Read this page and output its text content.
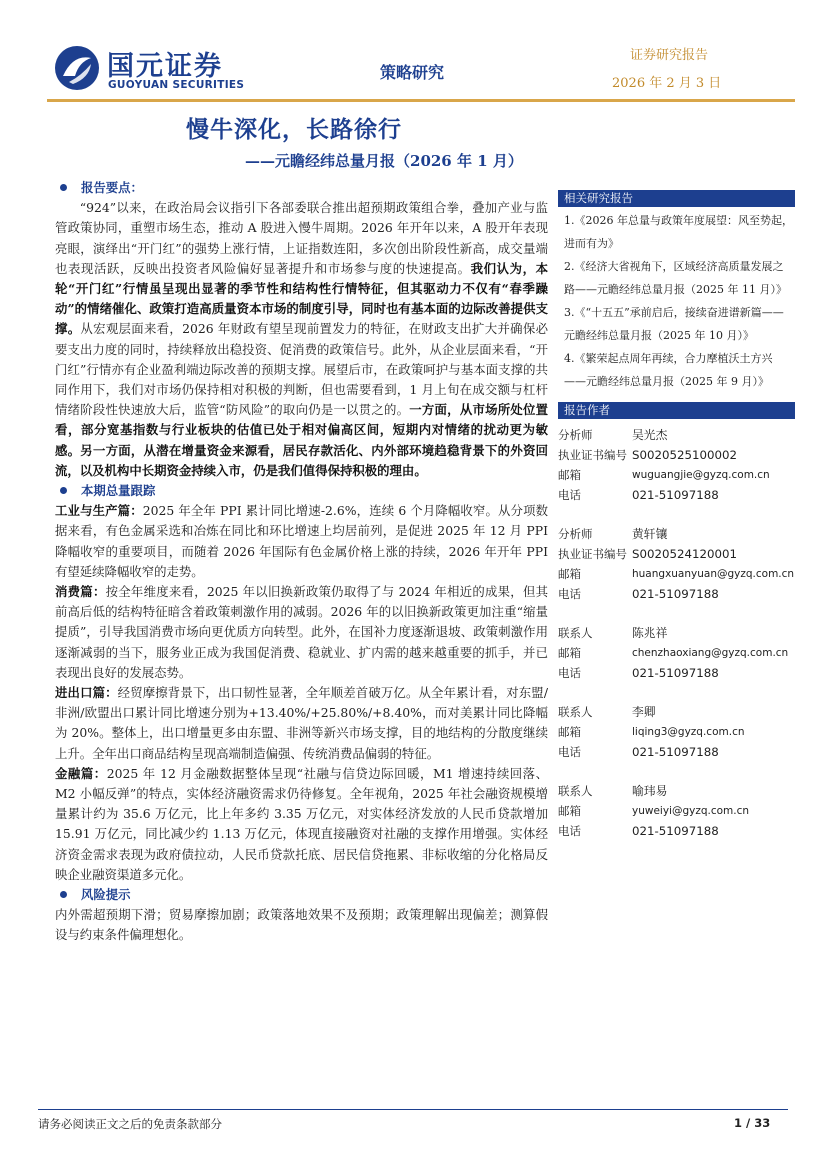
国元证券
GUOYUAN SECURITIES
策略研究
证券研究报告
2026 年 2 月 3 日
慢牛深化，长路徐行
——元瞻经纬总量月报（2026 年 1 月）
报告要点：

“924”以来，在政治局会议指引下各部委联合推出超预期政策组合拳，叠加产业与监管政策协同，重塑市场生态，推动 A 股进入慢牛周期。2026 年开年以来，A 股开年表现亮眼，演绎出“开门红”的强势上涨行情，上证指数连阳，多次创出阶段性新高，成交量端也表现活跃，反映出投资者风险偏好显著提升和市场参与度的快速提高。我们认为，本轮“开门红”行情虽呈现出显著的季节性和结构性行情特征，但其驱动力不仅有“春季躁动”的情绪催化、政策打造高质量资本市场的制度引导，同时也有基本面的边际改善提供支撑。从宏观层面来看，2026 年财政有望呈现前置发力的特征，在财政支出扩大并确保必要支出力度的同时，持续释放出稳投资、促消费的政策信号。此外，从企业层面来看，“开门红”行情亦有企业盈利端边际改善的预期支撑。展望后市，在政策呵护与基本面支撑的共同作用下，我们对市场仍保持相对积极的判断，但也需要看到，1 月上旬在成交额与杠杆情绪阶段性快速放大后，监管“防风险”的取向仍是一以贯之的。一方面，从市场所处位置看，部分宽基指数与行业板块的估值已处于相对偏高区间，短期内对情绪的扰动更为敏感。另一方面，从潜在增量资金来源看，居民存款活化、内外部环境趋稳背景下的外资回流，以及机构中长期资金持续入市，仍是我们值得保持积极的理由。

本期总量跟踪

工业与生产篇：2025 年全年 PPI 累计同比增速-2.6%，连续 6 个月降幅收窄。从分项数据来看，有色金属采选和冶炼在同比和环比增速上均居前列，是促进 2025 年 12 月 PPI 降幅收窄的重要项目，而随着 2026 年国际有色金属价格上涨的持续，2026 年开年 PPI 有望延续降幅收窄的走势。

消费篇：按全年维度来看，2025 年以旧换新政策仍取得了与 2024 年相近的成果，但其前高后低的结构特征暗含着政策刺激作用的减弱。2026 年的以旧换新政策更加注重“缩量提质”，引导我国消费市场向更优质方向转型。此外，在国补力度逐渐退坡、政策刺激作用逐渐减弱的当下，服务业正成为我国促消费、稳就业、扩内需的越来越重要的抓手，并已表现出良好的发展态势。

进出口篇：经贸摩擦背景下，出口韧性显著，全年顺差首破万亿。从全年累计看，对东盟/非洲/欧盟出口累计同比增速分别为+13.40%/+25.80%/+8.40%，而对美累计同比降幅为 20%。整体上，出口增量更多由东盟、非洲等新兴市场支撑，目的地结构的分散度继续上升。全年出口商品结构呈现高端制造偏强、传统消费品偏弱的特征。

金融篇：2025 年 12 月金融数据整体呈现“社融与信贷边际回暖，M1 增速持续回落、M2 小幅反弹”的特点，实体经济融资需求仍待修复。全年视角，2025 年社会融资规模增量累计约为 35.6 万亿元，比上年多约 3.35 万亿元，对实体经济发放的人民币贷款增加 15.91 万亿元，同比减少约 1.13 万亿元，体现直接融资对社融的支撑作用增强。实体经济资金需求表现为政府债拉动，人民币贷款托底、居民信贷拖累、非标收缩的分化格局反映企业融资渠道多元化。

风险提示

内外需超预期下滑；贸易摩擦加剧；政策落地效果不及预期；政策理解出现偏差；测算假设与约束条件偏理想化。

相关研究报告

1.《2026 年总量与政策年度展望：风至势起，进而有为》

2.《经济大省视角下，区域经济高质量发展之路——元瞻经纬总量月报（2025 年 11 月）》

3.《“十五五”承前启后，接续奋进谱新篇——元瞻经纬总量月报（2025 年 10 月）》

4.《繁荣起点周年再续，合力摩植沃土方兴——元瞻经纬总量月报（2025 年 9 月）》

报告作者
分析师	吴光杰
执业证书编号 S0020525100002
邮箱	wuguangjie@gyzq.com.cn
电话	021-51097188
分析师	黄轩镶
执业证书编号 S0020524120001
邮箱	huangxuanyuan@gyzq.com.cn
电话	021-51097188
联系人	陈兆祥
邮箱	chenzhaoxiang@gyzq.com.cn
电话	021-51097188
联系人	李卿
邮箱	liqing3@gyzq.com.cn
电话	021-51097188
联系人	喻玮易
邮箱	yuweiyi@gyzq.com.cn
电话	021-51097188
请务必阅读正文之后的免责条款部分	1 / 33
